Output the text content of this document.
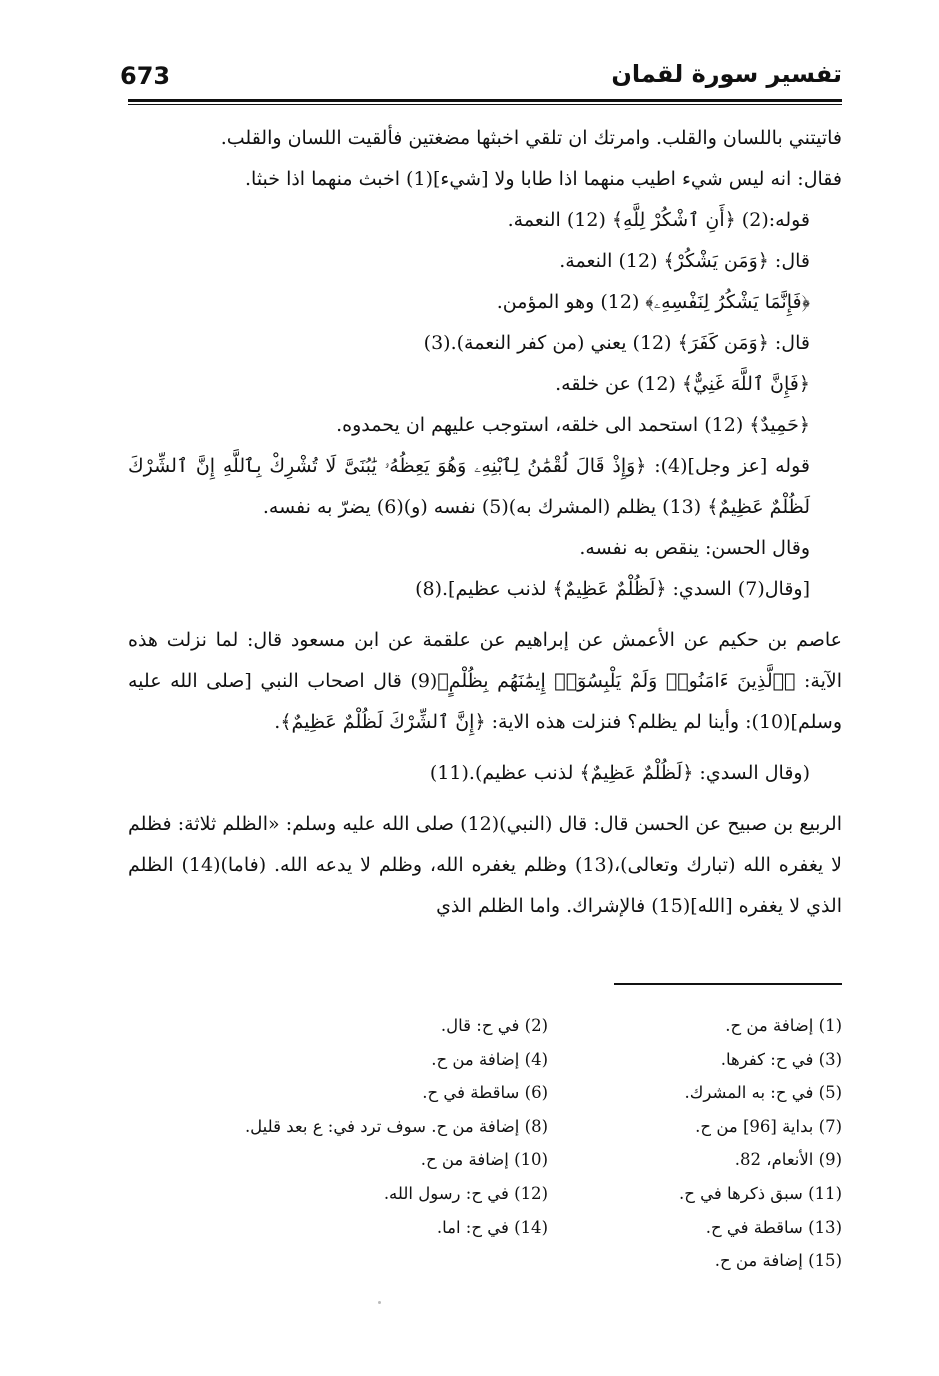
673	تفسير سورة لقمان

فاتيتني باللسان والقلب. وامرتك ان تلقي اخبثها مضغتين فألقيت اللسان والقلب.

فقال: انه ليس شيء اطيب منهما اذا طابا ولا [شيء](1) اخبث منهما اذا خبثا.

قوله:(2) ﴿أَنِ ٱشْكُرْ لِلَّهِ﴾ (12) النعمة.

قال: ﴿وَمَن يَشْكُرْ﴾ (12) النعمة.

﴿فَإِنَّمَا يَشْكُرُ لِنَفْسِهِۦ﴾ (12) وهو المؤمن.

قال: ﴿وَمَن كَفَرَ﴾ (12) يعني (من كفر النعمة).(3)

﴿فَإِنَّ ٱللَّهَ غَنِيٌّ﴾ (12) عن خلقه.

﴿حَمِيدٌ﴾ (12) استحمد الى خلقه، استوجب عليهم ان يحمدوه.

قوله [عز وجل](4): ﴿وَإِذْ قَالَ لُقْمَٰنُ لِٱبْنِهِۦ وَهُوَ يَعِظُهُۥ يَٰبُنَىَّ لَا تُشْرِكْ بِٱللَّهِ إِنَّ ٱلشِّرْكَ لَظُلْمٌ عَظِيمٌ﴾ (13) يظلم (المشرك به)(5) نفسه (و)(6) يضرّ به نفسه.

وقال الحسن: ينقص به نفسه.

[وقال(7) السدي: ﴿لَظُلْمٌ عَظِيمٌ﴾ لذنب عظيم].(8)

عاصم بن حكيم عن الأعمش عن إبراهيم عن علقمة عن ابن مسعود قال: لما نزلت هذه الآية: ﴿ٱلَّذِينَ ءَامَنُوا۟ وَلَمْ يَلْبِسُوٓا۟ إِيمَٰنَهُم بِظُلْمٍ﴾(9) قال اصحاب النبي [صلى الله عليه وسلم](10): وأينا لم يظلم؟ فنزلت هذه الاية: ﴿إِنَّ ٱلشِّرْكَ لَظُلْمٌ عَظِيمٌ﴾.

(وقال السدي: ﴿لَظُلْمٌ عَظِيمٌ﴾ لذنب عظيم).(11)

الربيع بن صبيح عن الحسن قال: قال (النبي)(12) صلى الله عليه وسلم: «الظلم ثلاثة: فظلم لا يغفره الله (تبارك وتعالى)،(13) وظلم يغفره الله، وظلم لا يدعه الله. (فاما)(14) الظلم الذي لا يغفره [الله](15) فالإشراك. واما الظلم الذي

(1) إضافة من ح.
(3) في ح: كفرها.
(5) في ح: به المشرك.
(7) بداية [96] من ح.
(9) الأنعام، 82.
(11) سبق ذكرها في ح.
(13) ساقطة في ح.
(15) إضافة من ح.
(2) في ح: قال.
(4) إضافة من ح.
(6) ساقطة في ح.
(8) إضافة من ح. سوف ترد في: ع بعد قليل.
(10) إضافة من ح.
(12) في ح: رسول الله.
(14) في ح: اما.
